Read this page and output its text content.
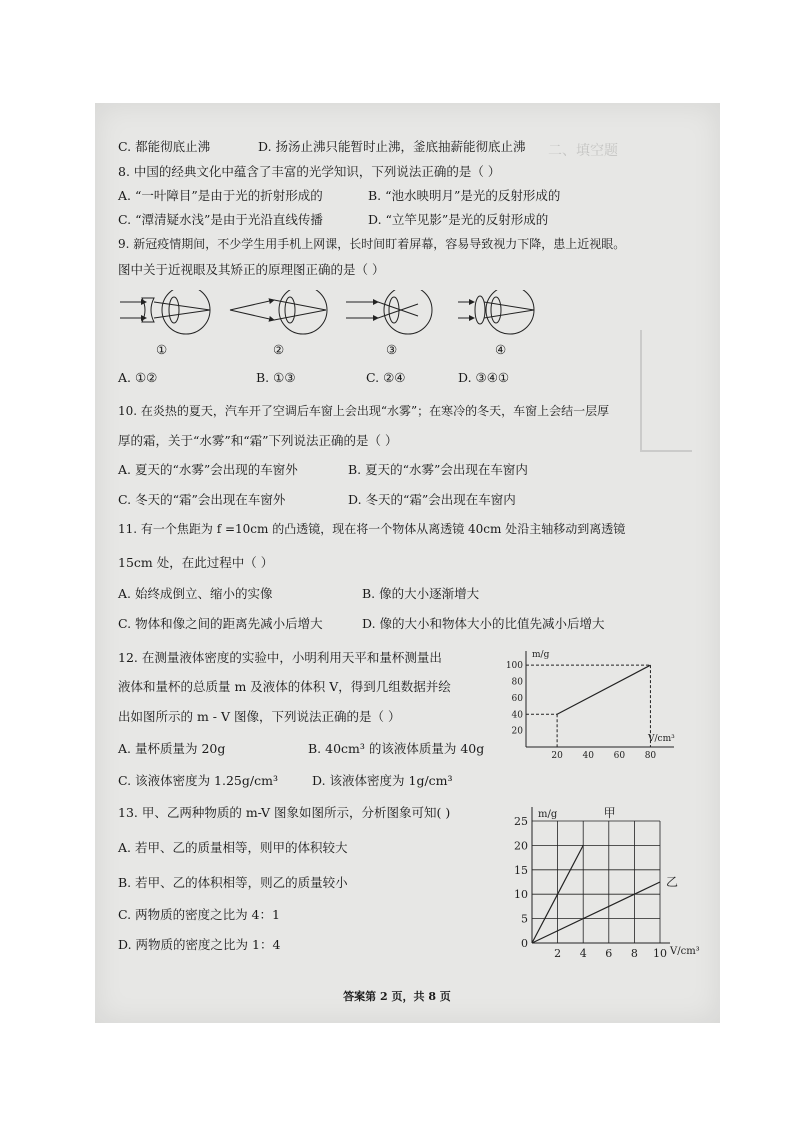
二、填空题
C. 都能彻底止沸	D. 扬汤止沸只能暂时止沸，釜底抽薪能彻底止沸
8. 中国的经典文化中蕴含了丰富的光学知识，下列说法正确的是（ ）
A. “一叶障目”是由于光的折射形成的	B. “池水映明月”是光的反射形成的
C. “潭清疑水浅”是由于光沿直线传播	D. “立竿见影”是光的反射形成的
9. 新冠疫情期间，不少学生用手机上网课，长时间盯着屏幕，容易导致视力下降，患上近视眼。
图中关于近视眼及其矫正的原理图正确的是（ ）
①	②	③	④
A. ①②	B. ①③	C. ②④	D. ③④①
10. 在炎热的夏天，汽车开了空调后车窗上会出现“水雾”；在寒冷的冬天，车窗上会结一层厚
厚的霜，关于“水雾”和“霜”下列说法正确的是（ ）
A. 夏天的“水雾”会出现的车窗外	B. 夏天的“水雾”会出现在车窗内
C. 冬天的“霜”会出现在车窗外	D. 冬天的“霜”会出现在车窗内
11. 有一个焦距为 f =10cm 的凸透镜，现在将一个物体从离透镜 40cm 处沿主轴移动到离透镜
15cm 处，在此过程中（ ）
A. 始终成倒立、缩小的实像	B. 像的大小逐渐增大
C. 物体和像之间的距离先减小后增大	D. 像的大小和物体大小的比值先减小后增大
12. 在测量液体密度的实验中，小明利用天平和量杯测量出
液体和量杯的总质量 m 及液体的体积 V，得到几组数据并绘
出如图所示的 m - V 图像，下列说法正确的是（ ）
A. 量杯质量为 20g	B. 40cm³ 的该液体质量为 40g
C. 该液体密度为 1.25g/cm³	D. 该液体密度为 1g/cm³
m/g
V/cm³
20
40
60
80
100
20 40 60 80
13. 甲、乙两种物质的 m-V 图象如图所示，分析图象可知( )
A. 若甲、乙的质量相等，则甲的体积较大
B. 若甲、乙的体积相等，则乙的质量较小
C. 两物质的密度之比为 4：1
D. 两物质的密度之比为 1：4
m/g
V/cm³
0
5
10
15
20
25
2 4 6 8 10
甲
乙
答案第 2 页，共 8 页
